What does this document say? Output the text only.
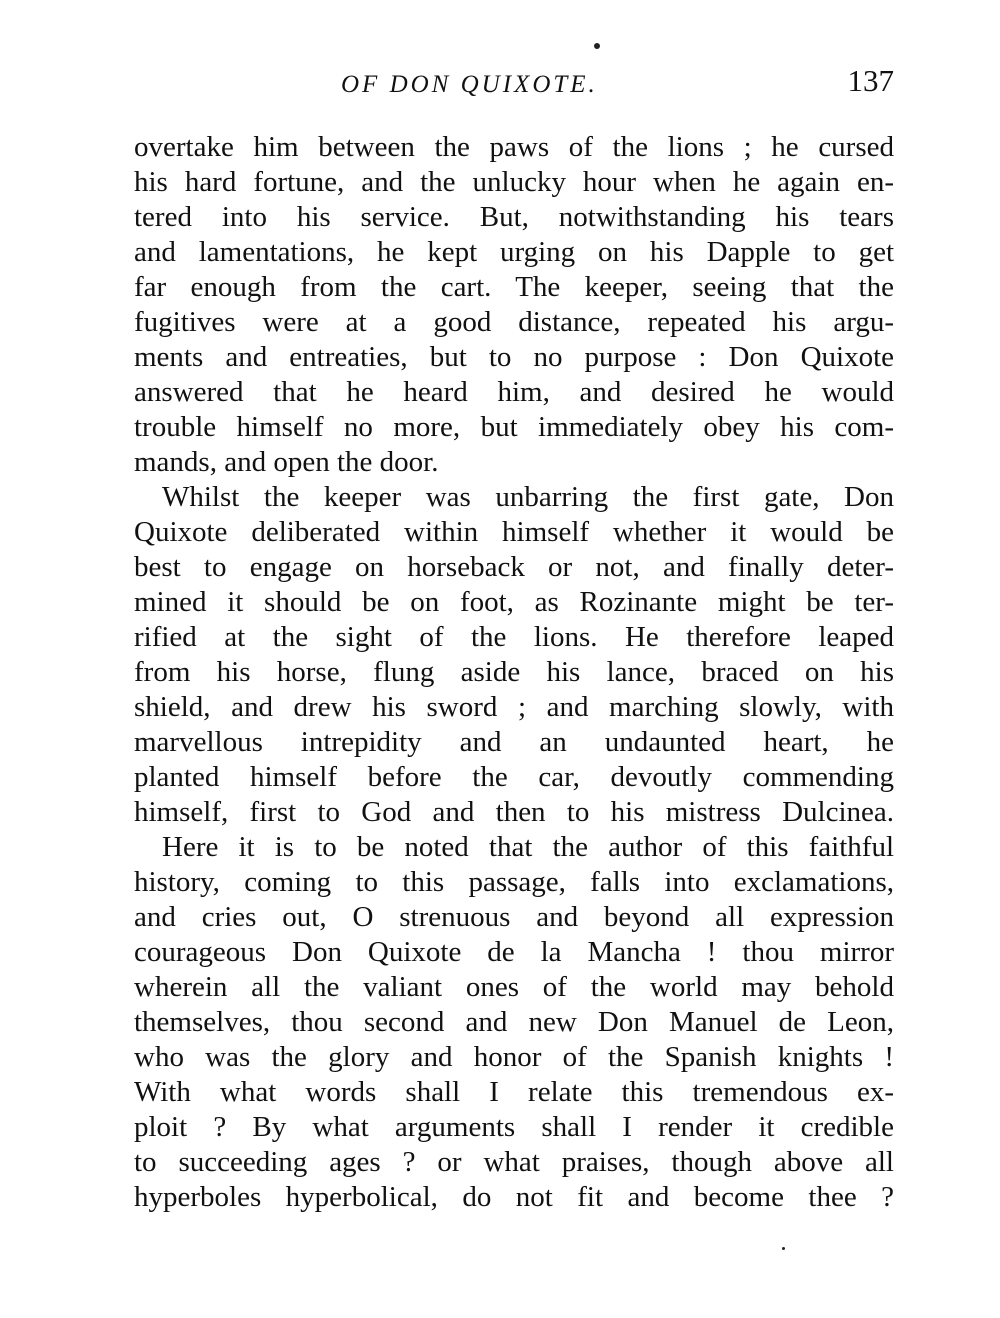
OF DON QUIXOTE.	137
overtake him between the paws of the lions ; he cursed
his hard fortune, and the unlucky hour when he again en-
tered into his service. But, notwithstanding his tears
and lamentations, he kept urging on his Dapple to get
far enough from the cart. The keeper, seeing that the
fugitives were at a good distance, repeated his argu-
ments and entreaties, but to no purpose : Don Quixote
answered that he heard him, and desired he would
trouble himself no more, but immediately obey his com-
mands, and open the door.
Whilst the keeper was unbarring the first gate, Don
Quixote deliberated within himself whether it would be
best to engage on horseback or not, and finally deter-
mined it should be on foot, as Rozinante might be ter-
rified at the sight of the lions. He therefore leaped
from his horse, flung aside his lance, braced on his
shield, and drew his sword ; and marching slowly, with
marvellous intrepidity and an undaunted heart, he
planted himself before the car, devoutly commending
himself, first to God and then to his mistress Dulcinea.
Here it is to be noted that the author of this faithful
history, coming to this passage, falls into exclamations,
and cries out, O strenuous and beyond all expression
courageous Don Quixote de la Mancha ! thou mirror
wherein all the valiant ones of the world may behold
themselves, thou second and new Don Manuel de Leon,
who was the glory and honor of the Spanish knights !
With what words shall I relate this tremendous ex-
ploit ? By what arguments shall I render it credible
to succeeding ages ? or what praises, though above all
hyperboles hyperbolical, do not fit and become thee ?
